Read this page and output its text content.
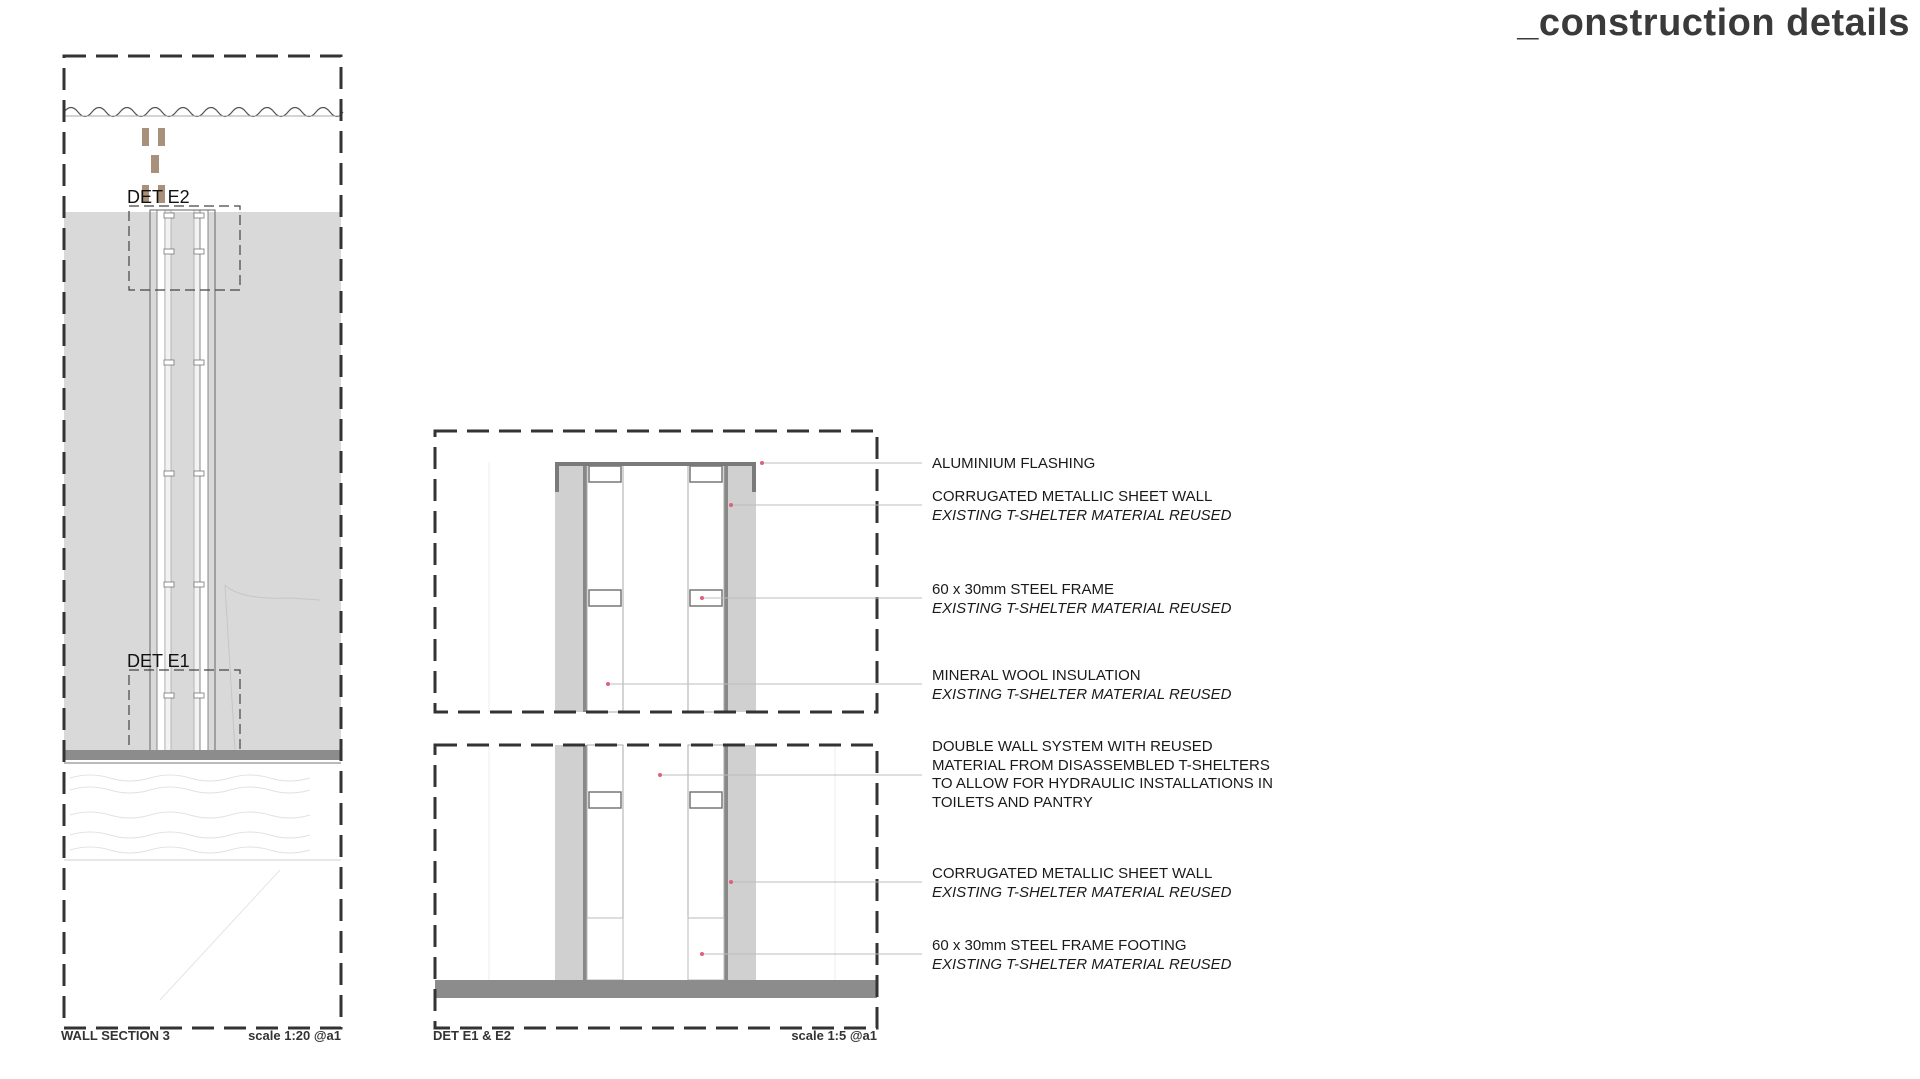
_construction details
DET E2
DET E1
WALL SECTION 3	scale 1:20 @a1	DET E1 & E2	scale 1:5 @a1
ALUMINIUM FLASHING
CORRUGATED METALLIC SHEET WALL
EXISTING T-SHELTER MATERIAL REUSED
60 x 30mm STEEL FRAME
EXISTING T-SHELTER MATERIAL REUSED
MINERAL WOOL INSULATION
EXISTING T-SHELTER MATERIAL REUSED
DOUBLE WALL SYSTEM WITH REUSED
MATERIAL FROM DISASSEMBLED T-SHELTERS
TO ALLOW FOR HYDRAULIC INSTALLATIONS IN
TOILETS AND PANTRY
CORRUGATED METALLIC SHEET WALL
EXISTING T-SHELTER MATERIAL REUSED
60 x 30mm STEEL FRAME FOOTING
EXISTING T-SHELTER MATERIAL REUSED
